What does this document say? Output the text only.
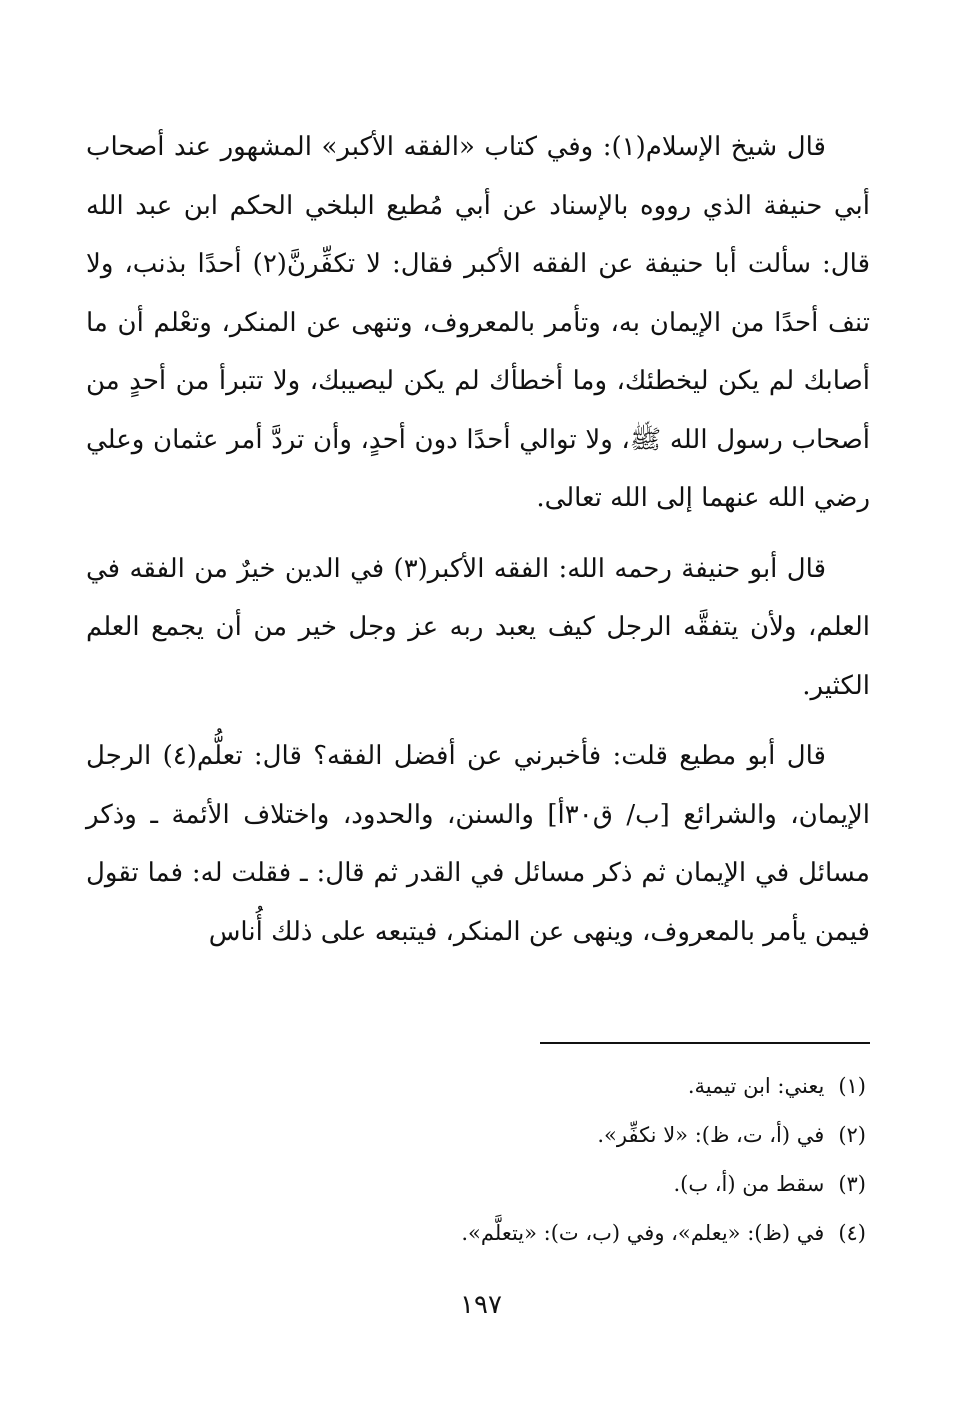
قال شيخ الإسلام(١): وفي كتاب «الفقه الأكبر» المشهور عند أصحاب أبي حنيفة الذي رووه بالإسناد عن أبي مُطيع البلخي الحكم ابن عبد الله قال: سألت أبا حنيفة عن الفقه الأكبر فقال: لا تكفِّرنَّ(٢) أحدًا بذنب، ولا تنف أحدًا من الإيمان به، وتأمر بالمعروف، وتنهى عن المنكر، وتعْلم أن ما أصابك لم يكن ليخطئك، وما أخطأك لم يكن ليصيبك، ولا تتبرأ من أحدٍ من أصحاب رسول الله ﷺ، ولا توالي أحدًا دون أحدٍ، وأن تردَّ أمر عثمان وعلي رضي الله عنهما إلى الله تعالى.

قال أبو حنيفة رحمه الله: الفقه الأكبر(٣) في الدين خيرٌ من الفقه في العلم، ولأن يتفقَّه الرجل كيف يعبد ربه عز وجل خير من أن يجمع العلم الكثير.

قال أبو مطيع قلت: فأخبرني عن أفضل الفقه؟ قال: تعلُّم(٤) الرجل الإيمان، والشرائع [ب/ ق٣٠أ] والسنن، والحدود، واختلاف الأئمة ـ وذكر مسائل في الإيمان ثم ذكر مسائل في القدر ثم قال: ـ فقلت له: فما تقول فيمن يأمر بالمعروف، وينهى عن المنكر، فيتبعه على ذلك أُناس

(١)يعني: ابن تيمية.
(٢)في (أ، ت، ظ): «لا نكفِّر».
(٣)سقط من (أ، ب).
(٤)في (ظ): «يعلم»، وفي (ب، ت): «يتعلَّم».
١٩٧
